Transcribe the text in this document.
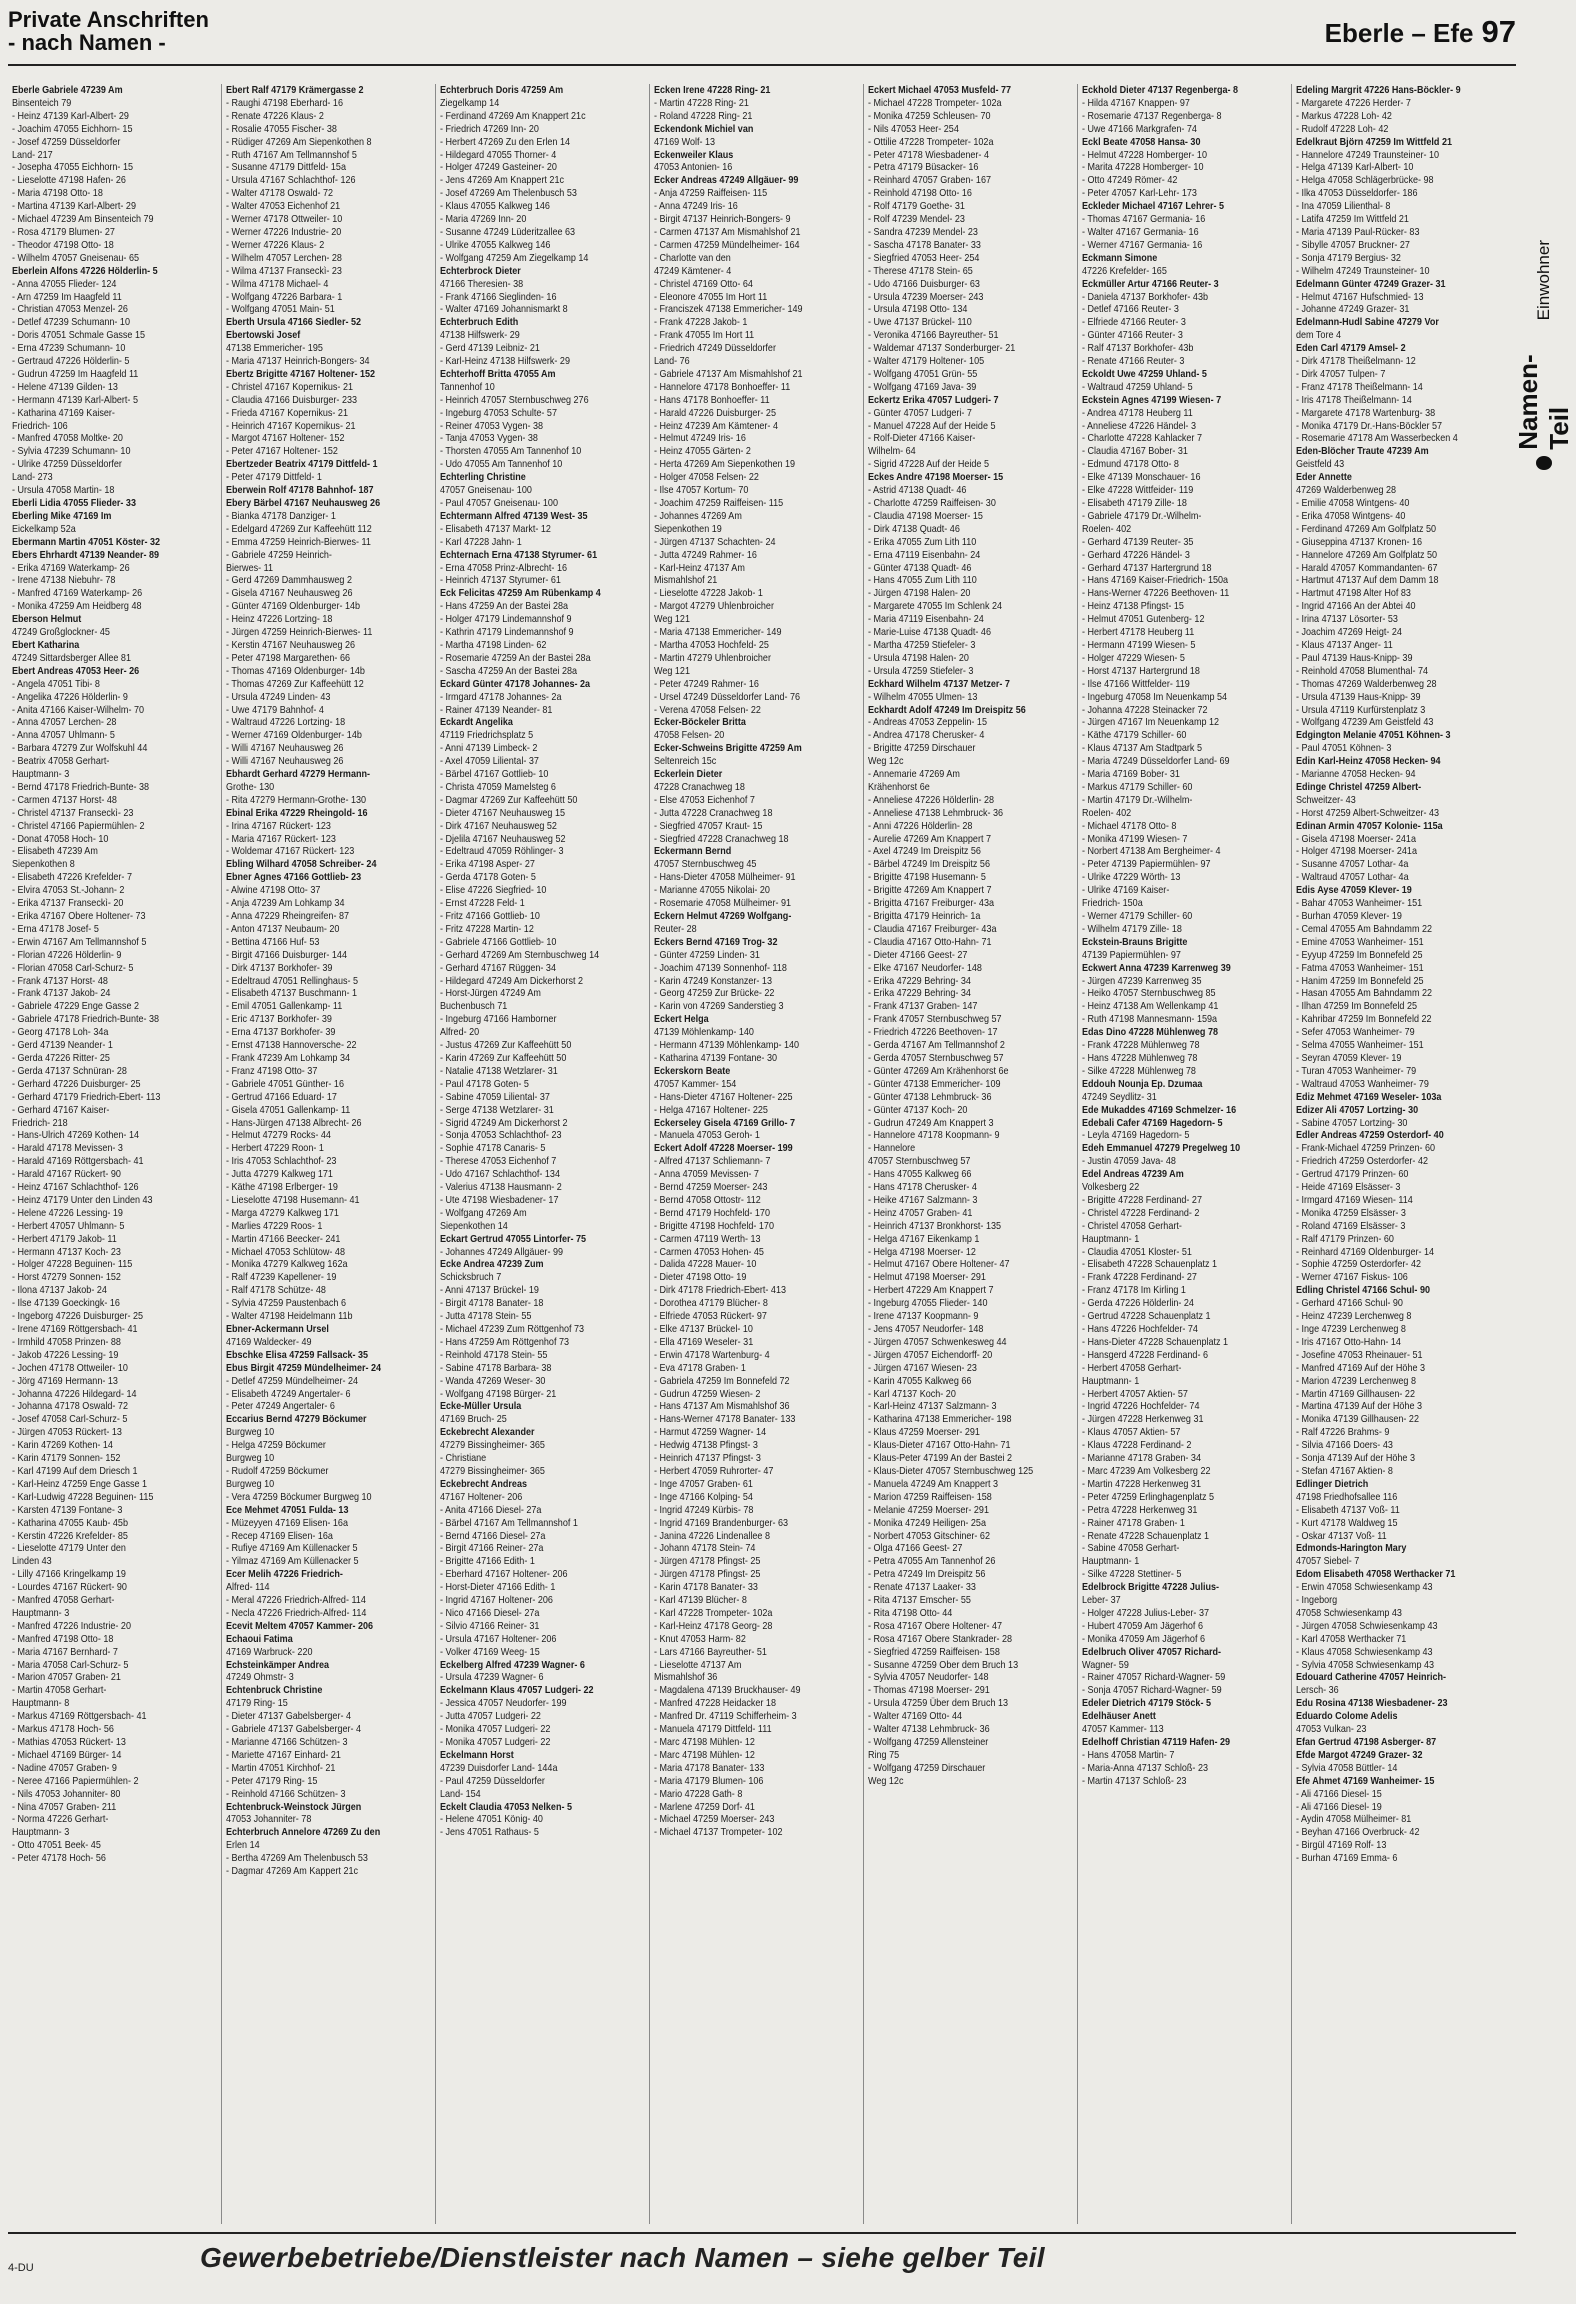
Private Anschriften
- nach Namen -	Eberle – Efe 97
Eberle Gabriele 47239 Am
Binsenteich 79
- Heinz 47139 Karl-Albert- 29
- Joachim 47055 Eichhorn- 15
- Josef 47259 Düsseldorfer
Land- 217
- Josepha 47055 Eichhorn- 15
- Lieselotte 47198 Hafen- 26
- Maria 47198 Otto- 18
- Martina 47139 Karl-Albert- 29
- Michael 47239 Am Binsenteich 79
- Rosa 47179 Blumen- 27
- Theodor 47198 Otto- 18
- Wilhelm 47057 Gneisenau- 65
Eberlein Alfons 47226 Hölderlin- 5
- Anna 47055 Flieder- 124
- Arn 47259 Im Haagfeld 11
- Christian 47053 Menzel- 26
- Detlef 47239 Schumann- 10
- Doris 47051 Schmale Gasse 15
- Erna 47239 Schumann- 10
- Gertraud 47226 Hölderlin- 5
- Gudrun 47259 Im Haagfeld 11
- Helene 47139 Gilden- 13
- Hermann 47139 Karl-Albert- 5
- Katharina 47169 Kaiser-
Friedrich- 106
- Manfred 47058 Moltke- 20
- Sylvia 47239 Schumann- 10
- Ulrike 47259 Düsseldorfer
Land- 273
- Ursula 47058 Martin- 18
Eberli Lidia 47055 Flieder- 33
Eberling Mike 47169 Im
Eickelkamp 52a
Ebermann Martin 47051 Köster- 32
Ebers Ehrhardt 47139 Neander- 89
- Erika 47169 Waterkamp- 26
- Irene 47138 Niebuhr- 78
- Manfred 47169 Waterkamp- 26
- Monika 47259 Am Heidberg 48
Eberson Helmut
47249 Großglockner- 45
Ebert Katharina
47249 Sittardsberger Allee 81
Ebert Andreas 47053 Heer- 26
- Angela 47051 Tibi- 8
- Angelika 47226 Hölderlin- 9
- Anita 47166 Kaiser-Wilhelm- 70
- Anna 47057 Lerchen- 28
- Anna 47057 Uhlmann- 5
- Barbara 47279 Zur Wolfskuhl 44
- Beatrix 47058 Gerhart-
Hauptmann- 3
- Bernd 47178 Friedrich-Bunte- 38
- Carmen 47137 Horst- 48
- Christel 47137 Franseckì- 23
- Christel 47166 Papiermühlen- 2
- Donat 47058 Hoch- 10
- Elisabeth 47239 Am
Siepenkothen 8
- Elisabeth 47226 Krefelder- 7
- Elvira 47053 St.-Johann- 2
- Erika 47137 Franseckì- 20
- Erika 47167 Obere Holtener- 73
- Erna 47178 Josef- 5
- Erwin 47167 Am Tellmannshof 5
- Florian 47226 Hölderlin- 9
- Florian 47058 Carl-Schurz- 5
- Frank 47137 Horst- 48
- Frank 47137 Jakob- 24
- Gabriele 47229 Enge Gasse 2
- Gabriele 47178 Friedrich-Bunte- 38
- Georg 47178 Loh- 34a
- Gerd 47139 Neander- 1
- Gerda 47226 Ritter- 25
- Gerda 47137 Schnüran- 28
- Gerhard 47226 Duisburger- 25
- Gerhard 47179 Friedrich-Ebert- 113
- Gerhard 47167 Kaiser-
Friedrich- 218
- Hans-Ulrich 47269 Kothen- 14
- Harald 47178 Mevissen- 3
- Harald 47169 Röttgersbach- 41
- Harald 47167 Rückert- 90
- Heinz 47167 Schlachthof- 126
- Heinz 47179 Unter den Linden 43
- Helene 47226 Lessing- 19
- Herbert 47057 Uhlmann- 5
- Herbert 47179 Jakob- 11
- Hermann 47137 Koch- 23
- Holger 47228 Beguinen- 115
- Horst 47279 Sonnen- 152
- Ilona 47137 Jakob- 24
- Ilse 47139 Goeckingk- 16
- Ingeborg 47226 Duisburger- 25
- Irene 47169 Röttgersbach- 41
- Irmhild 47058 Prinzen- 88
- Jakob 47226 Lessing- 19
- Jochen 47178 Ottweiler- 10
- Jörg 47169 Hermann- 13
- Johanna 47226 Hildegard- 14
- Johanna 47178 Oswald- 72
- Josef 47058 Carl-Schurz- 5
- Jürgen 47053 Rückert- 13
- Karin 47269 Kothen- 14
- Karin 47179 Sonnen- 152
- Karl 47199 Auf dem Driesch 1
- Karl-Heinz 47259 Enge Gasse 1
- Karl-Ludwig 47228 Beguinen- 115
- Karsten 47139 Fontane- 3
- Katharina 47055 Kaub- 45b
- Kerstin 47226 Krefelder- 85
- Lieselotte 47179 Unter den
Linden 43
- Lilly 47166 Kringelkamp 19
- Lourdes 47167 Rückert- 90
- Manfred 47058 Gerhart-
Hauptmann- 3
- Manfred 47226 Industrie- 20
- Manfred 47198 Otto- 18
- Maria 47167 Bernhard- 7
- Maria 47058 Carl-Schurz- 5
- Marion 47057 Graben- 21
- Martin 47058 Gerhart-
Hauptmann- 8
- Markus 47169 Röttgersbach- 41
- Markus 47178 Hoch- 56
- Mathias 47053 Rückert- 13
- Michael 47169 Bürger- 14
- Nadine 47057 Graben- 9
- Neree 47166 Papiermühlen- 2
- Nils 47053 Johanniter- 80
- Nina 47057 Graben- 211
- Norma 47226 Gerhart-
Hauptmann- 3
- Otto 47051 Beek- 45
- Peter 47178 Hoch- 56
Ebert Ralf 47179 Krämergasse 2
- Raughi 47198 Eberhard- 16
- Renate 47226 Klaus- 2
- Rosalie 47055 Fischer- 38
- Rüdiger 47269 Am Siepenkothen 8
- Ruth 47167 Am Tellmannshof 5
- Susanne 47179 Dittfeld- 15a
- Ursula 47167 Schlachthof- 126
- Walter 47178 Oswald- 72
- Walter 47053 Eichenhof 21
- Werner 47178 Ottweiler- 10
- Werner 47226 Industrie- 20
- Werner 47226 Klaus- 2
- Wilhelm 47057 Lerchen- 28
- Wilma 47137 Franseckì- 23
- Wilma 47178 Michael- 4
- Wolfgang 47226 Barbara- 1
- Wolfgang 47051 Main- 51
Eberth Ursula 47166 Siedler- 52
Ebertowski Josef
47138 Emmericher- 195
- Maria 47137 Heinrich-Bongers- 34
Ebertz Brigitte 47167 Holtener- 152
- Christel 47167 Kopernikus- 21
- Claudia 47166 Duisburger- 233
- Frieda 47167 Kopernikus- 21
- Heinrich 47167 Kopernikus- 21
- Margot 47167 Holtener- 152
- Peter 47167 Holtener- 152
Ebertzeder Beatrix 47179 Dittfeld- 1
- Peter 47179 Dittfeld- 1
Eberwein Rolf 47178 Bahnhof- 187
Ebery Bärbel 47167 Neuhausweg 26
- Bianka 47178 Danziger- 1
- Edelgard 47269 Zur Kaffeehütt 112
- Emma 47259 Heinrich-Bierwes- 11
- Gabriele 47259 Heinrich-
Bierwes- 11
- Gerd 47269 Dammhausweg 2
- Gisela 47167 Neuhausweg 26
- Günter 47169 Oldenburger- 14b
- Heinz 47226 Lortzing- 18
- Jürgen 47259 Heinrich-Bierwes- 11
- Kerstin 47167 Neuhausweg 26
- Peter 47198 Margarethen- 66
- Thomas 47169 Oldenburger- 14b
- Thomas 47269 Zur Kaffeehütt 12
- Ursula 47249 Linden- 43
- Uwe 47179 Bahnhof- 4
- Waltraud 47226 Lortzing- 18
- Werner 47169 Oldenburger- 14b
- Willi 47167 Neuhausweg 26
- Willi 47167 Neuhausweg 26
Ebhardt Gerhard 47279 Hermann-
Grothe- 130
- Rita 47279 Hermann-Grothe- 130
Ebinal Erika 47229 Rheingold- 16
- Irina 47167 Rückert- 123
- Maria 47167 Rückert- 123
- Woldemar 47167 Rückert- 123
Ebling Wilhard 47058 Schreiber- 24
Ebner Agnes 47166 Gottlieb- 23
- Alwine 47198 Otto- 37
- Anja 47239 Am Lohkamp 34
- Anna 47229 Rheingreifen- 87
- Anton 47137 Neubaum- 20
- Bettina 47166 Huf- 53
- Birgit 47166 Duisburger- 144
- Dirk 47137 Borkhofer- 39
- Edeltraud 47051 Rellinghaus- 5
- Elisabeth 47137 Buschmann- 1
- Emil 47051 Gallenkamp- 11
- Eric 47137 Borkhofer- 39
- Erna 47137 Borkhofer- 39
- Ernst 47138 Hannoversche- 22
- Frank 47239 Am Lohkamp 34
- Franz 47198 Otto- 37
- Gabriele 47051 Günther- 16
- Gertrud 47166 Eduard- 17
- Gisela 47051 Gallenkamp- 11
- Hans-Jürgen 47138 Albrecht- 26
- Helmut 47279 Rocks- 44
- Herbert 47229 Roon- 1
- Iris 47053 Schlachthof- 23
- Jutta 47279 Kalkweg 171
- Käthe 47198 Erlberger- 19
- Lieselotte 47198 Husemann- 41
- Marga 47279 Kalkweg 171
- Marlies 47229 Roos- 1
- Martin 47166 Beecker- 241
- Michael 47053 Schlütow- 48
- Monika 47279 Kalkweg 162a
- Ralf 47239 Kapellener- 19
- Ralf 47178 Schütze- 48
- Sylvia 47259 Paustenbach 6
- Walter 47198 Heidelmann 11b
Ebner-Ackermann Ursel
47169 Waldecker- 49
Ebschke Elisa 47259 Fallsack- 35
Ebus Birgit 47259 Mündelheimer- 24
- Detlef 47259 Mündelheimer- 24
- Elisabeth 47249 Angertaler- 6
- Peter 47249 Angertaler- 6
Eccarius Bernd 47279 Böckumer
Burgweg 10
- Helga 47259 Böckumer
Burgweg 10
- Rudolf 47259 Böckumer
Burgweg 10
- Vera 47259 Böckumer Burgweg 10
Ece Mehmet 47051 Fulda- 13
- Müzeyyen 47169 Elisen- 16a
- Recep 47169 Elisen- 16a
- Rufiye 47169 Am Küllenacker 5
- Yilmaz 47169 Am Küllenacker 5
Ecer Melih 47226 Friedrich-
Alfred- 114
- Meral 47226 Friedrich-Alfred- 114
- Necla 47226 Friedrich-Alfred- 114
Ecevit Meltem 47057 Kammer- 206
Echaoui Fatima
47169 Warbruck- 220
Echsteinkämper Andrea
47249 Ohmstr- 3
Echtenbruck Christine
47179 Ring- 15
- Dieter 47137 Gabelsberger- 4
- Gabriele 47137 Gabelsberger- 4
- Marianne 47166 Schützen- 3
- Mariette 47167 Einhard- 21
- Martin 47051 Kirchhof- 21
- Peter 47179 Ring- 15
- Reinhold 47166 Schützen- 3
Echtenbruck-Weinstock Jürgen
47053 Johanniter- 78
Echterbruch Annelore 47269 Zu den
Erlen 14
- Bertha 47269 Am Thelenbusch 53
- Dagmar 47269 Am Kappert 21c
Echterbruch Doris 47259 Am
Ziegelkamp 14
- Ferdinand 47269 Am Knappert 21c
- Friedrich 47269 Inn- 20
- Herbert 47269 Zu den Erlen 14
- Hildegard 47055 Thorner- 4
- Holger 47249 Gasteiner- 20
- Jens 47269 Am Knappert 21c
- Josef 47269 Am Thelenbusch 53
- Klaus 47055 Kalkweg 146
- Maria 47269 Inn- 20
- Susanne 47249 Lüderitzallee 63
- Ulrike 47055 Kalkweg 146
- Wolfgang 47259 Am Ziegelkamp 14
Echterbrock Dieter
47166 Theresien- 38
- Frank 47166 Sieglinden- 16
- Walter 47169 Johannismarkt 8
Echterbruch Edith
47138 Hilfswerk- 29
- Gerd 47139 Leibniz- 21
- Karl-Heinz 47138 Hilfswerk- 29
Echterhoff Britta 47055 Am
Tannenhof 10
- Heinrich 47057 Sternbuschweg 276
- Ingeburg 47053 Schulte- 57
- Reiner 47053 Vygen- 38
- Tanja 47053 Vygen- 38
- Thorsten 47055 Am Tannenhof 10
- Udo 47055 Am Tannenhof 10
Echterling Christine
47057 Gneisenau- 100
- Paul 47057 Gneisenau- 100
Echtermann Alfred 47139 West- 35
- Elisabeth 47137 Markt- 12
- Karl 47228 Jahn- 1
Echternach Erna 47138 Styrumer- 61
- Erna 47058 Prinz-Albrecht- 16
- Heinrich 47137 Styrumer- 61
Eck Felicitas 47259 Am Rübenkamp 4
- Hans 47259 An der Bastei 28a
- Holger 47179 Lindemannshof 9
- Kathrin 47179 Lindemannshof 9
- Martha 47198 Linden- 62
- Rosemarie 47259 An der Bastei 28a
- Sascha 47259 An der Bastei 28a
Eckard Günter 47178 Johannes- 2a
- Irmgard 47178 Johannes- 2a
- Rainer 47139 Neander- 81
Eckardt Angelika
47119 Friedrichsplatz 5
- Anni 47139 Limbeck- 2
- Axel 47059 Liliental- 37
- Bärbel 47167 Gottlieb- 10
- Christa 47059 Mamelsteg 6
- Dagmar 47269 Zur Kaffeehütt 50
- Dieter 47167 Neuhausweg 15
- Dirk 47167 Neuhausweg 52
- Djelila 47167 Neuhausweg 52
- Edeltraud 47059 Röhlinger- 3
- Erika 47198 Asper- 27
- Gerda 47178 Goten- 5
- Elise 47226 Siegfried- 10
- Ernst 47228 Feld- 1
- Fritz 47166 Gottlieb- 10
- Fritz 47228 Martin- 12
- Gabriele 47166 Gottlieb- 10
- Gerhard 47269 Am Sternbuschweg 14
- Gerhard 47167 Rüggen- 34
- Hildegard 47249 Am Dickerhorst 2
- Horst-Jürgen 47249 Am
Buchenbusch 71
- Ingeburg 47166 Hamborner
Alfred- 20
- Justus 47269 Zur Kaffeehütt 50
- Karin 47269 Zur Kaffeehütt 50
- Natalie 47138 Wetzlarer- 31
- Paul 47178 Goten- 5
- Sabine 47059 Liliental- 37
- Serge 47138 Wetzlarer- 31
- Sigrid 47249 Am Dickerhorst 2
- Sonja 47053 Schlachthof- 23
- Sophie 47178 Canaris- 5
- Therese 47053 Eichenhof 7
- Udo 47167 Schlachthof- 134
- Valerius 47138 Hausmann- 2
- Ute 47198 Wiesbadener- 17
- Wolfgang 47269 Am
Siepenkothen 14
Eckart Gertrud 47055 Lintorfer- 75
- Johannes 47249 Allgäuer- 99
Ecke Andrea 47239 Zum
Schicksbruch 7
- Anni 47137 Brückel- 19
- Birgit 47178 Banater- 18
- Jutta 47178 Stein- 55
- Michael 47239 Zum Röttgenhof 73
- Hans 47259 Am Röttgenhof 73
- Reinhold 47178 Stein- 55
- Sabine 47178 Barbara- 38
- Wanda 47269 Weser- 30
- Wolfgang 47198 Bürger- 21
Ecke-Müller Ursula
47169 Bruch- 25
Eckebrecht Alexander
47279 Bissingheimer- 365
- Christiane
47279 Bissingheimer- 365
Eckebrecht Andreas
47167 Holtener- 206
- Anita 47166 Diesel- 27a
- Bärbel 47167 Am Tellmannshof 1
- Bernd 47166 Diesel- 27a
- Birgit 47166 Reiner- 27a
- Brigitte 47166 Edith- 1
- Eberhard 47167 Holtener- 206
- Horst-Dieter 47166 Edith- 1
- Ingrid 47167 Holtener- 206
- Nico 47166 Diesel- 27a
- Silvio 47166 Reiner- 31
- Ursula 47167 Holtener- 206
- Volker 47169 Weeg- 15
Eckelberg Alfred 47239 Wagner- 6
- Ursula 47239 Wagner- 6
Eckelmann Klaus 47057 Ludgeri- 22
- Jessica 47057 Neudorfer- 199
- Jutta 47057 Ludgeri- 22
- Monika 47057 Ludgeri- 22
- Monika 47057 Ludgeri- 22
Eckelmann Horst
47239 Duisdorfer Land- 144a
- Paul 47259 Düsseldorfer
Land- 154
Eckelt Claudia 47053 Nelken- 5
- Helene 47051 König- 40
- Jens 47051 Rathaus- 5
Ecken Irene 47228 Ring- 21
- Martin 47228 Ring- 21
- Roland 47228 Ring- 21
Eckendonk Michiel van
47169 Wolf- 13
Eckenweiler Klaus
47053 Antonien- 16
Ecker Andreas 47249 Allgäuer- 99
- Anja 47259 Raiffeisen- 115
- Anna 47249 Iris- 16
- Birgit 47137 Heinrich-Bongers- 9
- Carmen 47137 Am Mismahlshof 21
- Carmen 47259 Mündelheimer- 164
- Charlotte van den
47249 Kämtener- 4
- Christel 47169 Otto- 64
- Eleonore 47055 Im Hort 11
- Franciszek 47138 Emmericher- 149
- Frank 47228 Jakob- 1
- Frank 47055 Im Hort 11
- Friedrich 47249 Düsseldorfer
Land- 76
- Gabriele 47137 Am Mismahlshof 21
- Hannelore 47178 Bonhoeffer- 11
- Hans 47178 Bonhoeffer- 11
- Harald 47226 Duisburger- 25
- Heinz 47239 Am Kämtener- 4
- Helmut 47249 Iris- 16
- Heinz 47055 Gärten- 2
- Herta 47269 Am Siepenkothen 19
- Holger 47058 Felsen- 22
- Ilse 47057 Kortum- 70
- Joachim 47259 Raiffeisen- 115
- Johannes 47269 Am
Siepenkothen 19
- Jürgen 47137 Schachten- 24
- Jutta 47249 Rahmer- 16
- Karl-Heinz 47137 Am
Mismahlshof 21
- Lieselotte 47228 Jakob- 1
- Margot 47279 Uhlenbroicher
Weg 121
- Maria 47138 Emmericher- 149
- Martha 47053 Hochfeld- 25
- Martin 47279 Uhlenbroicher
Weg 121
- Peter 47249 Rahmer- 16
- Ursel 47249 Düsseldorfer Land- 76
- Verena 47058 Felsen- 22
Ecker-Böckeler Britta
47058 Felsen- 20
Ecker-Schweins Brigitte 47259 Am
Seltenreich 15c
Eckerlein Dieter
47228 Cranachweg 18
- Else 47053 Eichenhof 7
- Jutta 47228 Cranachweg 18
- Siegfried 47057 Kraut- 15
- Siegfried 47228 Cranachweg 18
Eckermann Bernd
47057 Sternbuschweg 45
- Hans-Dieter 47058 Mülheimer- 91
- Marianne 47055 Nikolai- 20
- Rosemarie 47058 Mülheimer- 91
Eckern Helmut 47269 Wolfgang-
Reuter- 28
Eckers Bernd 47169 Trog- 32
- Günter 47259 Linden- 31
- Joachim 47139 Sonnenhof- 118
- Karin 47249 Konstanzer- 13
- Georg 47259 Zur Brücke- 22
- Karin von 47269 Sanderstieg 3
Eckert Helga
47139 Möhlenkamp- 140
- Hermann 47139 Möhlenkamp- 140
- Katharina 47139 Fontane- 30
Eckerskorn Beate
47057 Kammer- 154
- Hans-Dieter 47167 Holtener- 225
- Helga 47167 Holtener- 225
Eckerseley Gisela 47169 Grillo- 7
- Manuela 47053 Geroh- 1
Eckert Adolf 47228 Moerser- 199
- Alfred 47137 Schliemann- 7
- Anna 47059 Mevissen- 7
- Bernd 47259 Moerser- 243
- Bernd 47058 Ottostr- 112
- Bernd 47179 Hochfeld- 170
- Brigitte 47198 Hochfeld- 170
- Carmen 47119 Werth- 13
- Carmen 47053 Hohen- 45
- Dalida 47228 Mauer- 10
- Dieter 47198 Otto- 19
- Dirk 47178 Friedrich-Ebert- 413
- Dorothea 47179 Blücher- 8
- Elfriede 47053 Rückert- 97
- Elke 47137 Brückel- 10
- Ella 47169 Weseler- 31
- Erwin 47178 Wartenburg- 4
- Eva 47178 Graben- 1
- Gabriela 47259 Im Bonnefeld 72
- Gudrun 47259 Wiesen- 2
- Hans 47137 Am Mismahlshof 36
- Hans-Werner 47178 Banater- 133
- Harmut 47259 Wagner- 14
- Hedwig 47138 Pfingst- 3
- Heinrich 47137 Pfingst- 3
- Herbert 47059 Ruhrorter- 47
- Inge 47057 Graben- 61
- Inge 47166 Kolping- 54
- Ingrid 47249 Kürbis- 78
- Ingrid 47169 Brandenburger- 63
- Janina 47226 Lindenallee 8
- Johann 47178 Stein- 74
- Jürgen 47178 Pfingst- 25
- Jürgen 47178 Pfingst- 25
- Karin 47178 Banater- 33
- Karl 47139 Blücher- 8
- Karl 47228 Trompeter- 102a
- Karl-Heinz 47178 Georg- 28
- Knut 47053 Harm- 82
- Lars 47166 Bayreuther- 51
- Lieselotte 47137 Am
Mismahlshof 36
- Magdalena 47139 Bruckhauser- 49
- Manfred 47228 Heidacker 18
- Manfred Dr. 47119 Schifferheim- 3
- Manuela 47179 Dittfeld- 111
- Marc 47198 Mühlen- 12
- Marc 47198 Mühlen- 12
- Maria 47178 Banater- 133
- Maria 47179 Blumen- 106
- Mario 47228 Gath- 8
- Marlene 47259 Dorf- 41
- Michael 47259 Moerser- 243
- Michael 47137 Trompeter- 102
Eckert Michael 47053 Musfeld- 77
- Michael 47228 Trompeter- 102a
- Monika 47259 Schleusen- 70
- Nils 47053 Heer- 254
- Ottilie 47228 Trompeter- 102a
- Peter 47178 Wiesbadener- 4
- Petra 47179 Büsacker- 16
- Reinhard 47057 Graben- 167
- Reinhold 47198 Otto- 16
- Rolf 47179 Goethe- 31
- Rolf 47239 Mendel- 23
- Sandra 47239 Mendel- 23
- Sascha 47178 Banater- 33
- Siegfried 47053 Heer- 254
- Therese 47178 Stein- 65
- Udo 47166 Duisburger- 63
- Ursula 47239 Moerser- 243
- Ursula 47198 Otto- 134
- Uwe 47137 Brückel- 110
- Veronika 47166 Bayreuther- 51
- Waldemar 47137 Sonderburger- 21
- Walter 47179 Holtener- 105
- Wolfgang 47051 Grün- 55
- Wolfgang 47169 Java- 39
Eckertz Erika 47057 Ludgeri- 7
- Günter 47057 Ludgeri- 7
- Manuel 47228 Auf der Heide 5
- Rolf-Dieter 47166 Kaiser-
Wilhelm- 64
- Sigrid 47228 Auf der Heide 5
Eckes Andre 47198 Moerser- 15
- Astrid 47138 Quadt- 46
- Charlotte 47259 Raiffeisen- 30
- Claudia 47198 Moerser- 15
- Dirk 47138 Quadt- 46
- Erika 47055 Zum Lith 110
- Erna 47119 Eisenbahn- 24
- Günter 47138 Quadt- 46
- Hans 47055 Zum Lith 110
- Jürgen 47198 Halen- 20
- Margarete 47055 Im Schlenk 24
- Maria 47119 Eisenbahn- 24
- Marie-Luise 47138 Quadt- 46
- Martha 47259 Stiefeler- 3
- Ursula 47198 Halen- 20
- Ursula 47259 Stiefeler- 3
Eckhard Wilhelm 47137 Metzer- 7
- Wilhelm 47055 Ulmen- 13
Eckhardt Adolf 47249 Im Dreispitz 56
- Andreas 47053 Zeppelin- 15
- Andrea 47178 Cherusker- 4
- Brigitte 47259 Dirschauer
Weg 12c
- Annemarie 47269 Am
Krähenhorst 6e
- Anneliese 47226 Hölderlin- 28
- Anneliese 47138 Lehmbruck- 36
- Anni 47226 Hölderlin- 28
- Aurelie 47269 Am Knappert 7
- Axel 47249 Im Dreispitz 56
- Bärbel 47249 Im Dreispitz 56
- Brigitte 47198 Husemann- 5
- Brigitte 47269 Am Knappert 7
- Brigitta 47167 Freiburger- 43a
- Brigitta 47179 Heinrich- 1a
- Claudia 47167 Freiburger- 43a
- Claudia 47167 Otto-Hahn- 71
- Dieter 47166 Geest- 27
- Elke 47167 Neudorfer- 148
- Erika 47229 Behring- 34
- Erika 47229 Behring- 34
- Frank 47137 Graben- 147
- Frank 47057 Sternbuschweg 57
- Friedrich 47226 Beethoven- 17
- Gerda 47167 Am Tellmannshof 2
- Gerda 47057 Sternbuschweg 57
- Günter 47269 Am Krähenhorst 6e
- Günter 47138 Emmericher- 109
- Günter 47138 Lehmbruck- 36
- Günter 47137 Koch- 20
- Gudrun 47249 Am Knappert 3
- Hannelore 47178 Koopmann- 9
- Hannelore
47057 Sternbuschweg 57
- Hans 47055 Kalkweg 66
- Hans 47178 Cherusker- 4
- Heike 47167 Salzmann- 3
- Heinz 47057 Graben- 41
- Heinrich 47137 Bronkhorst- 135
- Helga 47167 Eikenkamp 1
- Helga 47198 Moerser- 12
- Helmut 47167 Obere Holtener- 47
- Helmut 47198 Moerser- 291
- Herbert 47229 Am Knappert 7
- Ingeburg 47055 Flieder- 140
- Irene 47137 Koopmann- 9
- Jens 47057 Neudorfer- 148
- Jürgen 47057 Schwenkesweg 44
- Jürgen 47057 Eichendorff- 20
- Jürgen 47167 Wiesen- 23
- Karin 47055 Kalkweg 66
- Karl 47137 Koch- 20
- Karl-Heinz 47137 Salzmann- 3
- Katharina 47138 Emmericher- 198
- Klaus 47259 Moerser- 291
- Klaus-Dieter 47167 Otto-Hahn- 71
- Klaus-Peter 47199 An der Bastei 2
- Klaus-Dieter 47057 Sternbuschweg 125
- Manuela 47249 Am Knappert 3
- Marion 47259 Raiffeisen- 158
- Melanie 47259 Moerser- 291
- Monika 47249 Heiligen- 25a
- Norbert 47053 Gitschiner- 62
- Olga 47166 Geest- 27
- Petra 47055 Am Tannenhof 26
- Petra 47249 Im Dreispitz 56
- Renate 47137 Laaker- 33
- Rita 47137 Emscher- 55
- Rita 47198 Otto- 44
- Rosa 47167 Obere Holtener- 47
- Rosa 47167 Obere Stankrader- 28
- Siegfried 47259 Raiffeisen- 158
- Susanne 47259 Ober dem Bruch 13
- Sylvia 47057 Neudorfer- 148
- Thomas 47198 Moerser- 291
- Ursula 47259 Über dem Bruch 13
- Walter 47169 Otto- 44
- Walter 47138 Lehmbruck- 36
- Wolfgang 47259 Allensteiner
Ring 75
- Wolfgang 47259 Dirschauer
Weg 12c
Eckhold Dieter 47137 Regenberga- 8
- Hilda 47167 Knappen- 97
- Rosemarie 47137 Regenberga- 8
- Uwe 47166 Markgrafen- 74
Eckl Beate 47058 Hansa- 30
- Helmut 47228 Homberger- 10
- Marita 47228 Homberger- 10
- Otto 47249 Römer- 42
- Peter 47057 Karl-Lehr- 173
Eckleder Michael 47167 Lehrer- 5
- Thomas 47167 Germania- 16
- Walter 47167 Germania- 16
- Werner 47167 Germania- 16
Eckmann Simone
47226 Krefelder- 165
Eckmüller Artur 47166 Reuter- 3
- Daniela 47137 Borkhofer- 43b
- Detlef 47166 Reuter- 3
- Elfriede 47166 Reuter- 3
- Günter 47166 Reuter- 3
- Ralf 47137 Borkhofer- 43b
- Renate 47166 Reuter- 3
Eckoldt Uwe 47259 Uhland- 5
- Waltraud 47259 Uhland- 5
Eckstein Agnes 47199 Wiesen- 7
- Andrea 47178 Heuberg 11
- Anneliese 47226 Händel- 3
- Charlotte 47228 Kahlacker 7
- Claudia 47167 Bober- 31
- Edmund 47178 Otto- 8
- Elke 47139 Monschauer- 16
- Elke 47228 Wittfeider- 119
- Elisabeth 47179 Zille- 18
- Gabriele 47179 Dr.-Wilhelm-
Roelen- 402
- Gerhard 47139 Reuter- 35
- Gerhard 47226 Händel- 3
- Gerhard 47137 Hartergrund 18
- Hans 47169 Kaiser-Friedrich- 150a
- Hans-Werner 47226 Beethoven- 11
- Heinz 47138 Pfingst- 15
- Helmut 47051 Gutenberg- 12
- Herbert 47178 Heuberg 11
- Hermann 47199 Wiesen- 5
- Holger 47229 Wiesen- 5
- Horst 47137 Hartergrund 18
- Ilse 47166 Wittfelder- 119
- Ingeburg 47058 Im Neuenkamp 54
- Johanna 47228 Steinacker 72
- Jürgen 47167 Im Neuenkamp 12
- Käthe 47179 Schiller- 60
- Klaus 47137 Am Stadtpark 5
- Maria 47249 Düsseldorfer Land- 69
- Maria 47169 Bober- 31
- Markus 47179 Schiller- 60
- Martin 47179 Dr.-Wilhelm-
Roelen- 402
- Michael 47178 Otto- 8
- Monika 47199 Wiesen- 7
- Norbert 47138 Am Bergheimer- 4
- Peter 47139 Papiermühlen- 97
- Ulrike 47229 Wörth- 13
- Ulrike 47169 Kaiser-
Friedrich- 150a
- Werner 47179 Schiller- 60
- Wilhelm 47179 Zille- 18
Eckstein-Brauns Brigitte
47139 Papiermühlen- 97
Eckwert Anna 47239 Karrenweg 39
- Jürgen 47239 Karrenweg 35
- Heiko 47057 Sternbuschweg 85
- Heinz 47138 Am Wellenkamp 41
- Ruth 47198 Mannesmann- 159a
Edas Dino 47228 Mühlenweg 78
- Frank 47228 Mühlenweg 78
- Hans 47228 Mühlenweg 78
- Silke 47228 Mühlenweg 78
Eddouh Nounja Ep. Dzumaa
47249 Seydlitz- 31
Ede Mukaddes 47169 Schmelzer- 16
Edebali Cafer 47169 Hagedorn- 5
- Leyla 47169 Hagedorn- 5
Edeh Emmanuel 47279 Pregelweg 10
- Justin 47059 Java- 48
Edel Andreas 47239 Am
Volkesberg 22
- Brigitte 47228 Ferdinand- 27
- Christel 47228 Ferdinand- 2
- Christel 47058 Gerhart-
Hauptmann- 1
- Claudia 47051 Kloster- 51
- Elisabeth 47228 Schauenplatz 1
- Frank 47228 Ferdinand- 27
- Franz 47178 Im Kirling 1
- Gerda 47226 Hölderlin- 24
- Gertrud 47228 Schauenplatz 1
- Hans 47226 Hochfelder- 74
- Hans-Dieter 47228 Schauenplatz 1
- Hansgerd 47228 Ferdinand- 6
- Herbert 47058 Gerhart-
Hauptmann- 1
- Herbert 47057 Aktien- 57
- Ingrid 47226 Hochfelder- 74
- Jürgen 47228 Herkenweg 31
- Klaus 47057 Aktien- 57
- Klaus 47228 Ferdinand- 2
- Marianne 47178 Graben- 34
- Marc 47239 Am Volkesberg 22
- Martin 47228 Herkenweg 31
- Peter 47259 Erlinghagenplatz 5
- Petra 47228 Herkenweg 31
- Rainer 47178 Graben- 1
- Renate 47228 Schauenplatz 1
- Sabine 47058 Gerhart-
Hauptmann- 1
- Silke 47228 Stettiner- 5
Edelbrock Brigitte 47228 Julius-
Leber- 37
- Holger 47228 Julius-Leber- 37
- Hubert 47059 Am Jägerhof 6
- Monika 47059 Am Jägerhof 6
Edelbruch Oliver 47057 Richard-
Wagner- 59
- Rainer 47057 Richard-Wagner- 59
- Sonja 47057 Richard-Wagner- 59
Edeler Dietrich 47179 Stöck- 5
Edelhäuser Anett
47057 Kammer- 113
Edelhoff Christian 47119 Hafen- 29
- Hans 47058 Martin- 7
- Maria-Anna 47137 Schloß- 23
- Martin 47137 Schloß- 23
Edeling Margrit 47226 Hans-Böckler- 9
- Margarete 47226 Herder- 7
- Markus 47228 Loh- 42
- Rudolf 47228 Loh- 42
Edelkraut Björn 47259 Im Wittfeld 21
- Hannelore 47249 Traunsteiner- 10
- Helga 47139 Karl-Albert- 10
- Helga 47058 Schlägerbrücke- 98
- Ilka 47053 Düsseldorfer- 186
- Ina 47059 Lilienthal- 8
- Latifa 47259 Im Wittfeld 21
- Maria 47139 Paul-Rücker- 83
- Sibylle 47057 Bruckner- 27
- Sonja 47179 Bergius- 32
- Wilhelm 47249 Traunsteiner- 10
Edelmann Günter 47249 Grazer- 31
- Helmut 47167 Hufschmied- 13
- Johanne 47249 Grazer- 31
Edelmann-Hudl Sabine 47279 Vor
dem Tore 4
Eden Carl 47179 Amsel- 2
- Dirk 47178 Theißelmann- 12
- Dirk 47057 Tulpen- 7
- Franz 47178 Theißelmann- 14
- Iris 47178 Theißelmann- 14
- Margarete 47178 Wartenburg- 38
- Monika 47179 Dr.-Hans-Böckler 57
- Rosemarie 47178 Am Wasserbecken 4
Eden-Blöcher Traute 47239 Am
Geistfeld 43
Eder Annette
47269 Walderbenweg 28
- Emilie 47058 Wintgens- 40
- Erika 47058 Wintgens- 40
- Ferdinand 47269 Am Golfplatz 50
- Giuseppina 47137 Kronen- 16
- Hannelore 47269 Am Golfplatz 50
- Harald 47057 Kommandanten- 67
- Hartmut 47137 Auf dem Damm 18
- Hartmut 47198 Alter Hof 83
- Ingrid 47166 An der Abtei 40
- Irina 47137 Lösorter- 53
- Joachim 47269 Heigt- 24
- Klaus 47137 Anger- 11
- Paul 47139 Haus-Knipp- 39
- Reinhold 47058 Blumenthal- 74
- Thomas 47269 Walderbenweg 28
- Ursula 47139 Haus-Knipp- 39
- Ursula 47119 Kurfürstenplatz 3
- Wolfgang 47239 Am Geistfeld 43
Edgington Melanie 47051 Köhnen- 3
- Paul 47051 Köhnen- 3
Edin Karl-Heinz 47058 Hecken- 94
- Marianne 47058 Hecken- 94
Edinge Christel 47259 Albert-
Schweitzer- 43
- Horst 47259 Albert-Schweitzer- 43
Edinan Armin 47057 Kolonie- 115a
- Gisela 47198 Moerser- 241a
- Holger 47198 Moerser- 241a
- Susanne 47057 Lothar- 4a
- Waltraud 47057 Lothar- 4a
Edis Ayse 47059 Klever- 19
- Bahar 47053 Wanheimer- 151
- Burhan 47059 Klever- 19
- Cemal 47055 Am Bahndamm 22
- Emine 47053 Wanheimer- 151
- Eyyup 47259 Im Bonnefeld 25
- Fatma 47053 Wanheimer- 151
- Hanim 47259 Im Bonnefeld 25
- Hasan 47055 Am Bahndamm 22
- Ilhan 47259 Im Bonnefeld 25
- Kahribar 47259 Im Bonnefeld 22
- Sefer 47053 Wanheimer- 79
- Selma 47055 Wanheimer- 151
- Seyran 47059 Klever- 19
- Turan 47053 Wanheimer- 79
- Waltraud 47053 Wanheimer- 79
Ediz Mehmet 47169 Weseler- 103a
Edizer Ali 47057 Lortzing- 30
- Sabine 47057 Lortzing- 30
Edler Andreas 47259 Osterdorf- 40
- Frank-Michael 47259 Prinzen- 60
- Friedrich 47259 Osterdorfer- 42
- Gertrud 47179 Prinzen- 60
- Heide 47169 Elsässer- 3
- Irmgard 47169 Wiesen- 114
- Monika 47259 Elsässer- 3
- Roland 47169 Elsässer- 3
- Ralf 47179 Prinzen- 60
- Reinhard 47169 Oldenburger- 14
- Sophie 47259 Osterdorfer- 42
- Werner 47167 Fiskus- 106
Edling Christel 47166 Schul- 90
- Gerhard 47166 Schul- 90
- Heinz 47239 Lerchenweg 8
- Inge 47239 Lerchenweg 8
- Iris 47167 Otto-Hahn- 14
- Josefine 47053 Rheinauer- 51
- Manfred 47169 Auf der Höhe 3
- Marion 47239 Lerchenweg 8
- Martin 47169 Gillhausen- 22
- Martina 47139 Auf der Höhe 3
- Monika 47139 Gillhausen- 22
- Ralf 47226 Brahms- 9
- Silvia 47166 Doers- 43
- Sonja 47139 Auf der Höhe 3
- Stefan 47167 Aktien- 8
Edlinger Dietrich
47198 Friedhofsallee 116
- Elisabeth 47137 Voß- 11
- Kurt 47178 Waldweg 15
- Oskar 47137 Voß- 11
Edmonds-Harington Mary
47057 Siebel- 7
Edom Elisabeth 47058 Werthacker 71
- Erwin 47058 Schwiesenkamp 43
- Ingeborg
47058 Schwiesenkamp 43
- Jürgen 47058 Schwiesenkamp 43
- Karl 47058 Werthacker 71
- Klaus 47058 Schwiesenkamp 43
- Sylvia 47058 Schwiesenkamp 43
Edouard Catherine 47057 Heinrich-
Lersch- 36
Edu Rosina 47138 Wiesbadener- 23
Eduardo Colome Adelis
47053 Vulkan- 23
Efan Gertrud 47198 Asberger- 87
Efde Margot 47249 Grazer- 32
- Sylvia 47058 Büttler- 14
Efe Ahmet 47169 Wanheimer- 15
- Ali 47166 Diesel- 15
- Ali 47166 Diesel- 19
- Aydin 47058 Mülheimer- 81
- Beyhan 47166 Overbruck- 42
- Birgül 47169 Rolf- 13
- Burhan 47169 Emma- 6
Namen-Teil
Einwohner
4-DU	Gewerbebetriebe/Dienstleister nach Namen – siehe gelber Teil
